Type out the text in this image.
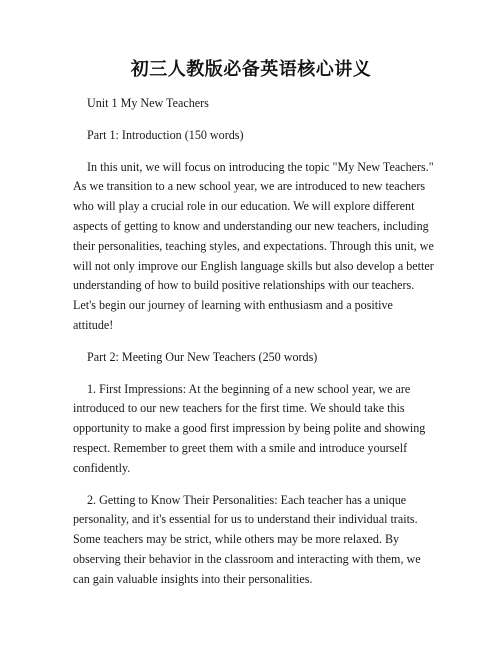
初三人教版必备英语核心讲义

Unit 1 My New Teachers

Part 1: Introduction (150 words)

In this unit, we will focus on introducing the topic "My New Teachers." As we transition to a new school year, we are introduced to new teachers who will play a crucial role in our education. We will explore different aspects of getting to know and understanding our new teachers, including their personalities, teaching styles, and expectations. Through this unit, we will not only improve our English language skills but also develop a better understanding of how to build positive relationships with our teachers. Let's begin our journey of learning with enthusiasm and a positive attitude!

Part 2: Meeting Our New Teachers (250 words)

1. First Impressions: At the beginning of a new school year, we are introduced to our new teachers for the first time. We should take this opportunity to make a good first impression by being polite and showing respect. Remember to greet them with a smile and introduce yourself confidently.

2. Getting to Know Their Personalities: Each teacher has a unique personality, and it's essential for us to understand their individual traits. Some teachers may be strict, while others may be more relaxed. By observing their behavior in the classroom and interacting with them, we can gain valuable insights into their personalities.
